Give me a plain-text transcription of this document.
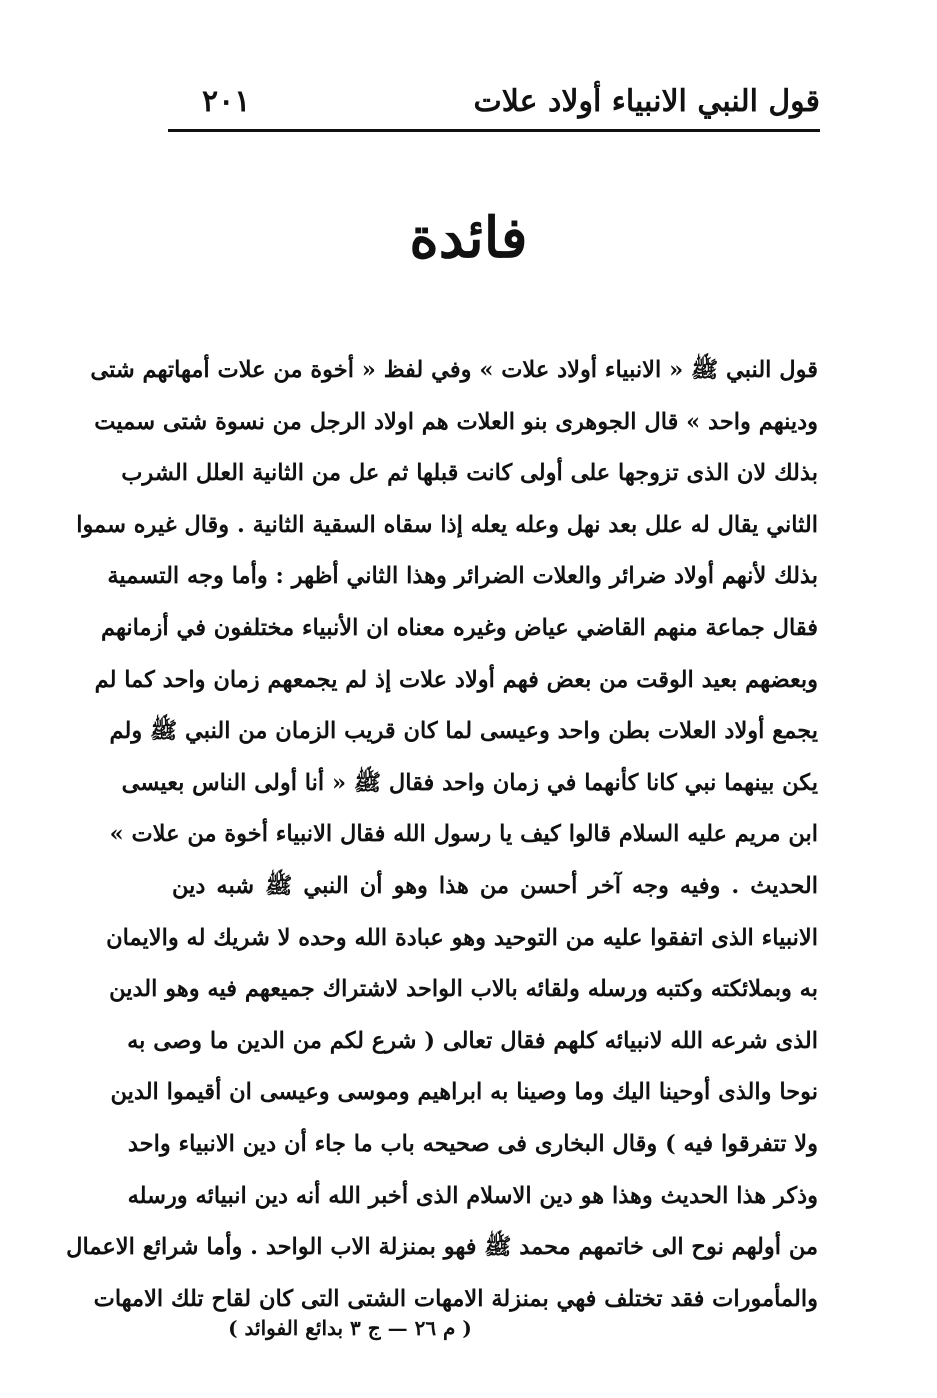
قول النبي الانبياء أولاد علات
٢٠١
فائدة
قول النبي ﷺ « الانبياء أولاد علات » وفي لفظ « أخوة من علات أمهاتهم شتى
ودينهم واحد » قال الجوهرى بنو العلات هم اولاد الرجل من نسوة شتى سميت
بذلك لان الذى تزوجها على أولى كانت قبلها ثم عل من الثانية العلل الشرب
الثاني يقال له علل بعد نهل وعله يعله إذا سقاه السقية الثانية . وقال غيره سموا
بذلك لأنهم أولاد ضرائر والعلات الضرائر وهذا الثاني أظهر : وأما وجه التسمية
فقال جماعة منهم القاضي عياض وغيره معناه ان الأنبياء مختلفون في أزمانهم
وبعضهم بعيد الوقت من بعض فهم أولاد علات إذ لم يجمعهم زمان واحد كما لم
يجمع أولاد العلات بطن واحد وعيسى لما كان قريب الزمان من النبي ﷺ ولم
يكن بينهما نبي كانا كأنهما في زمان واحد فقال ﷺ « أنا أولى الناس بعيسى
ابن مريم عليه السلام قالوا كيف يا رسول الله فقال الانبياء أخوة من علات »
الحديث . وفيه وجه آخر أحسن من هذا وهو أن النبي ﷺ شبه دين
الانبياء الذى اتفقوا عليه من التوحيد وهو عبادة الله وحده لا شريك له والايمان
به وبملائكته وكتبه ورسله ولقائه بالاب الواحد لاشتراك جميعهم فيه وهو الدين
الذى شرعه الله لانبيائه كلهم فقال تعالى ( شرع لكم من الدين ما وصى به
نوحا والذى أوحينا اليك وما وصينا به ابراهيم وموسى وعيسى ان أقيموا الدين
ولا تتفرقوا فيه ) وقال البخارى فى صحيحه باب ما جاء أن دين الانبياء واحد
وذكر هذا الحديث وهذا هو دين الاسلام الذى أخبر الله أنه دين انبيائه ورسله
من أولهم نوح الى خاتمهم محمد ﷺ فهو بمنزلة الاب الواحد . وأما شرائع الاعمال
والمأمورات فقد تختلف فهي بمنزلة الامهات الشتى التى كان لقاح تلك الامهات
( م ٢٦ — ج ٣ بدائع الفوائد )
